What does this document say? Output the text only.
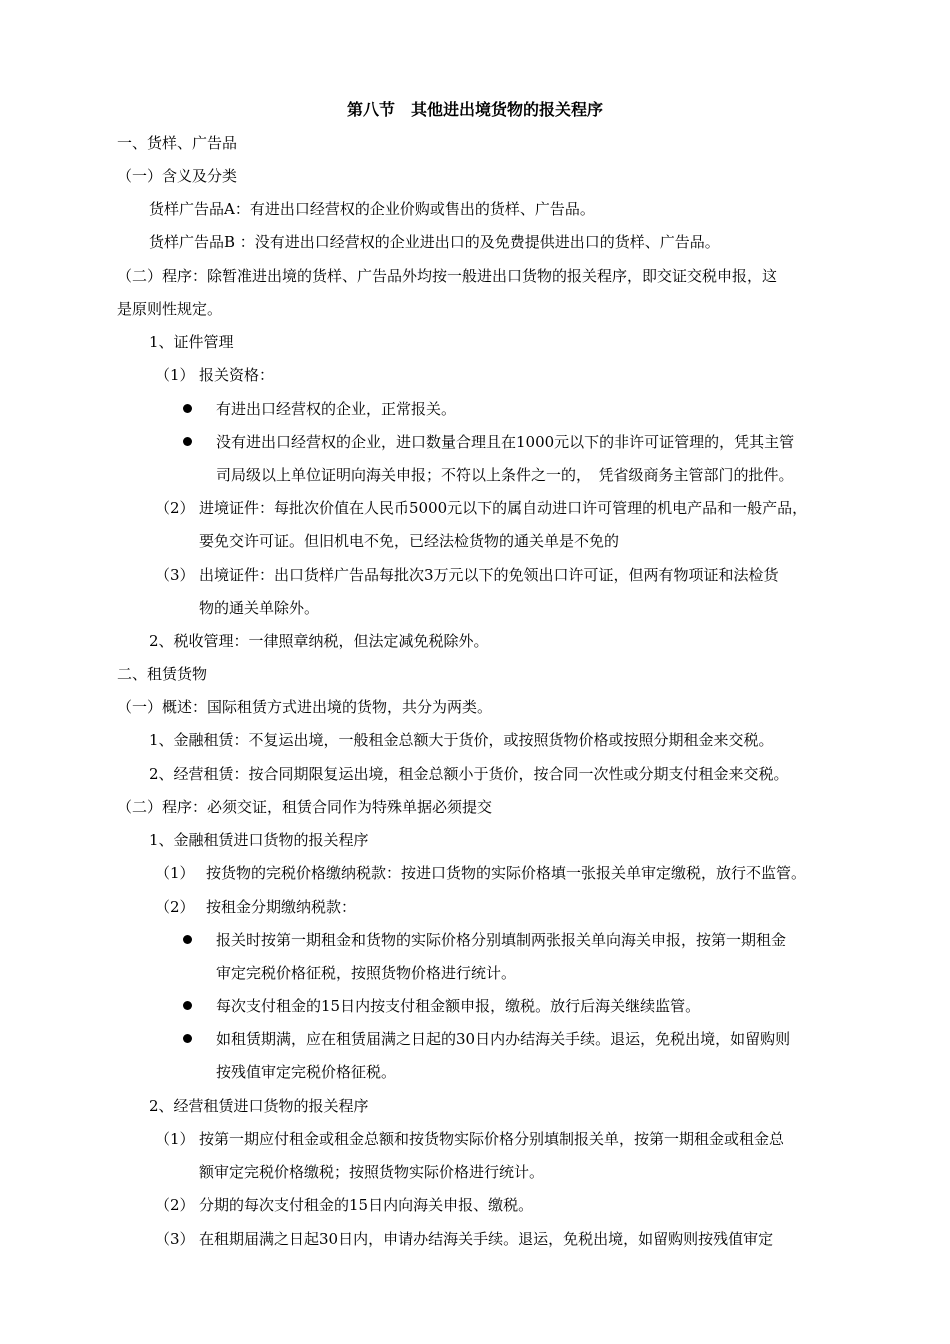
第八节　其他进出境货物的报关程序
一、货样、广告品
（一）含义及分类
货样广告品A：有进出口经营权的企业价购或售出的货样、广告品。
货样广告品B ：没有进出口经营权的企业进出口的及免费提供进出口的货样、广告品。
（二）程序：除暂准进出境的货样、广告品外均按一般进出口货物的报关程序，即交证交税申报，这
是原则性规定。
1、证件管理
（1） 报关资格：
有进出口经营权的企业，正常报关。
没有进出口经营权的企业，进口数量合理且在1000元以下的非许可证管理的，凭其主管
司局级以上单位证明向海关申报；不符以上条件之一的，　凭省级商务主管部门的批件。
（2） 进境证件：每批次价值在人民币5000元以下的属自动进口许可管理的机电产品和一般产品，
要免交许可证。但旧机电不免，已经法检货物的通关单是不免的
（3） 出境证件：出口货样广告品每批次3万元以下的免领出口许可证，但两有物项证和法检货
物的通关单除外。
2、税收管理：一律照章纳税，但法定减免税除外。
二、租赁货物
（一）概述：国际租赁方式进出境的货物，共分为两类。
1、金融租赁：不复运出境，一般租金总额大于货价，或按照货物价格或按照分期租金来交税。
2、经营租赁：按合同期限复运出境，租金总额小于货价，按合同一次性或分期支付租金来交税。
（二）程序：必须交证，租赁合同作为特殊单据必须提交
1、金融租赁进口货物的报关程序
（1） 按货物的完税价格缴纳税款：按进口货物的实际价格填一张报关单审定缴税，放行不监管。
（2） 按租金分期缴纳税款：
报关时按第一期租金和货物的实际价格分别填制两张报关单向海关申报，按第一期租金
审定完税价格征税，按照货物价格进行统计。
每次支付租金的15日内按支付租金额申报，缴税。放行后海关继续监管。
如租赁期满，应在租赁届满之日起的30日内办结海关手续。退运，免税出境，如留购则
按残值审定完税价格征税。
2、经营租赁进口货物的报关程序
（1） 按第一期应付租金或租金总额和按货物实际价格分别填制报关单，按第一期租金或租金总
额审定完税价格缴税；按照货物实际价格进行统计。
（2） 分期的每次支付租金的15日内向海关申报、缴税。
（3） 在租期届满之日起30日内，申请办结海关手续。退运，免税出境，如留购则按残值审定
